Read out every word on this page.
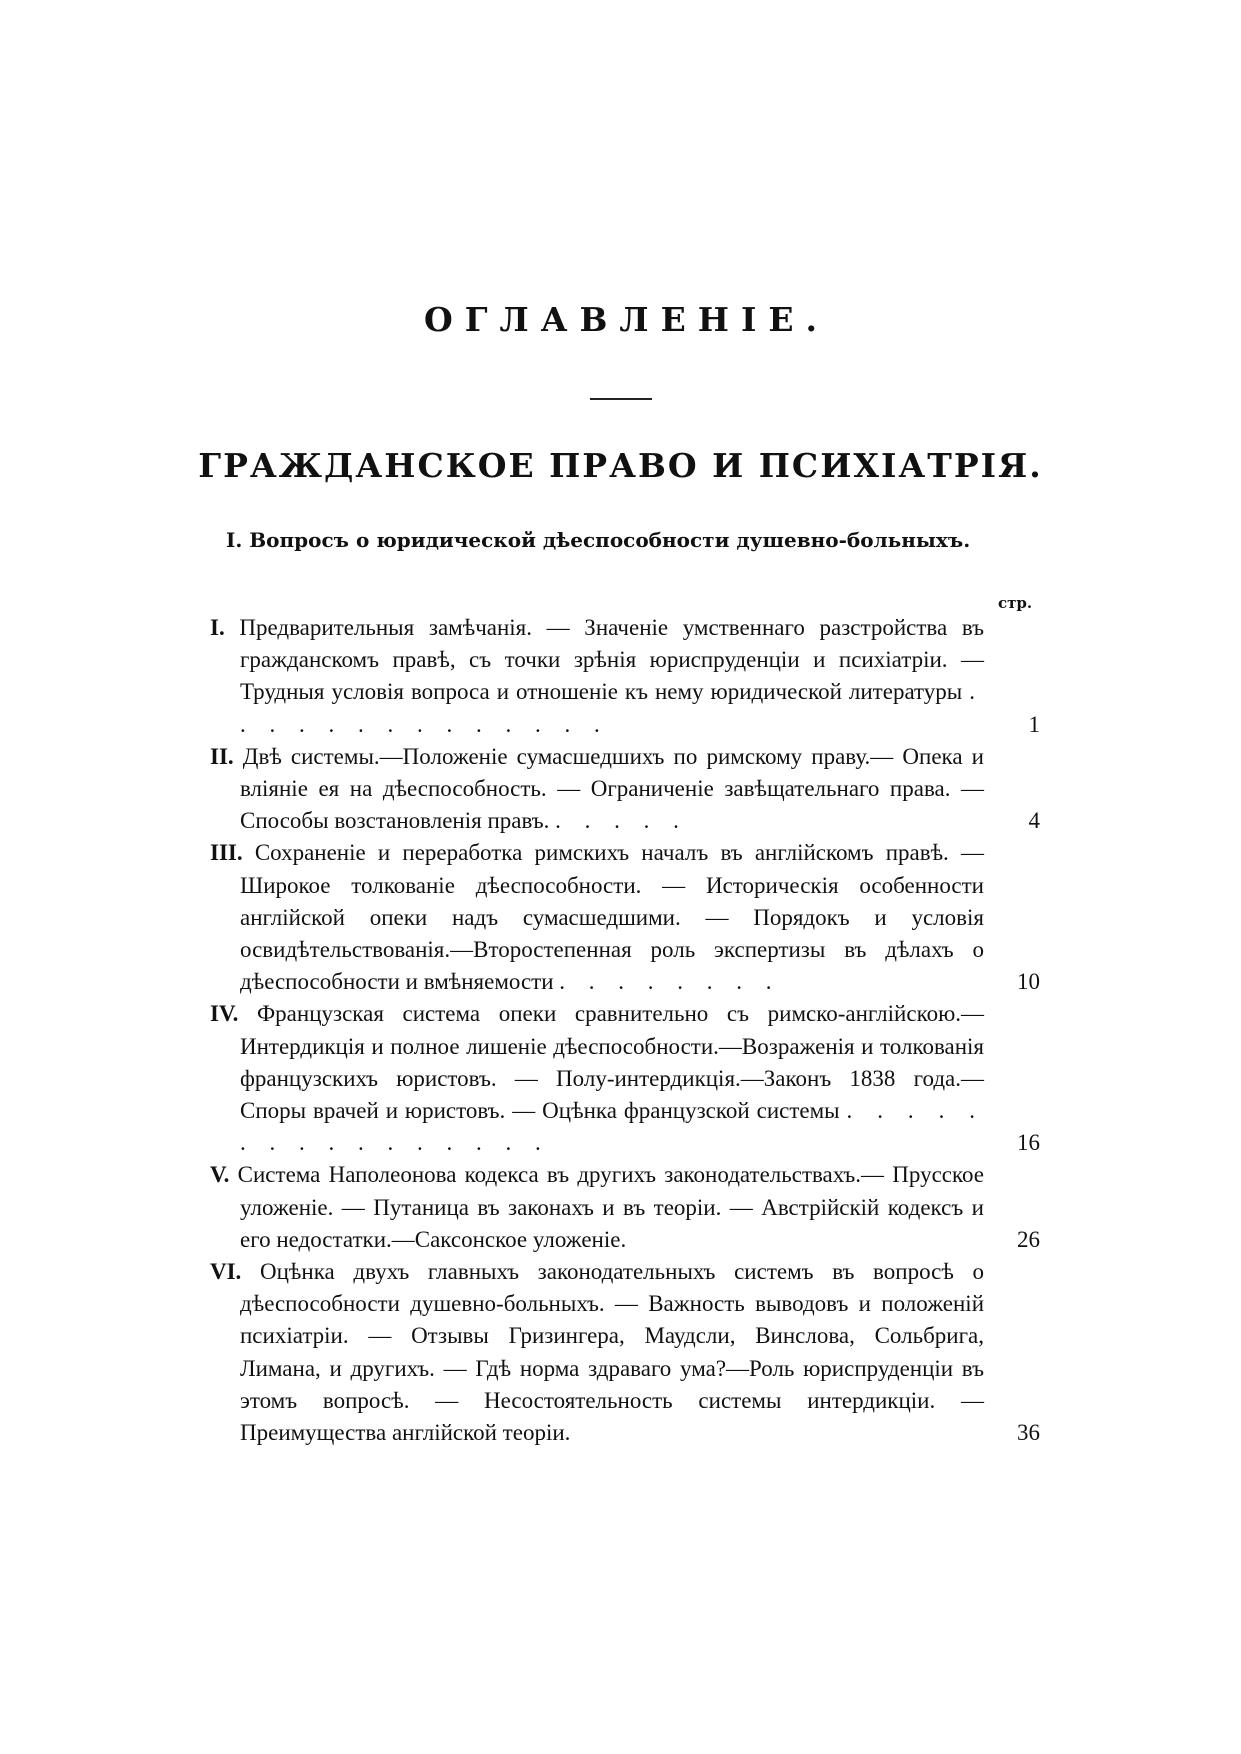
ОГЛАВЛЕНІЕ.
ГРАЖДАНСКОЕ ПРАВО И ПСИХІАТРІЯ.
I. Вопросъ о юридической дѣеспособности душевно-больныхъ.
стр.
I. Предварительныя замѣчанія. — Значеніе умственнаго разстройства въ гражданскомъ правѣ, съ точки зрѣнія юриспруденціи и психіатріи. — Трудныя условія вопроса и отношеніе къ нему юридической литературы . . . . . . . . . . . . . .	1
II. Двѣ системы.—Положеніе сумасшедшихъ по римскому праву.— Опека и вліяніе ея на дѣеспособность. — Ограниченіе завѣщательнаго права. — Способы возстановленія правъ. . . . . .	4
III. Сохраненіе и переработка римскихъ началъ въ англійскомъ правѣ. — Широкое толкованіе дѣеспособности. — Историческія особенности англійской опеки надъ сумасшедшими. — Порядокъ и условія освидѣтельствованія.—Второстепенная роль экспертизы въ дѣлахъ о дѣеспособности и вмѣняемости . . . . . . . .	10
IV. Французская система опеки сравнительно съ римско-англійскою.—Интердикція и полное лишеніе дѣеспособности.—Возраженія и толкованія французскихъ юристовъ. — Полу-интердикція.—Законъ 1838 года.—Споры врачей и юристовъ. — Оцѣнка французской системы . . . . . . . . . . . . . . . .	16
V. Система Наполеонова кодекса въ другихъ законодательствахъ.— Прусское уложеніе. — Путаница въ законахъ и въ теоріи. — Австрійскій кодексъ и его недостатки.—Саксонское уложеніе.	26
VI. Оцѣнка двухъ главныхъ законодательныхъ системъ въ вопросѣ о дѣеспособности душевно-больныхъ. — Важность выводовъ и положеній психіатріи. — Отзывы Гризингера, Маудсли, Винслова, Сольбрига, Лимана, и другихъ. — Гдѣ норма здраваго ума?—Роль юриспруденціи въ этомъ вопросѣ. — Несостоятельность системы интердикціи. — Преимущества англійской теоріи.	36
